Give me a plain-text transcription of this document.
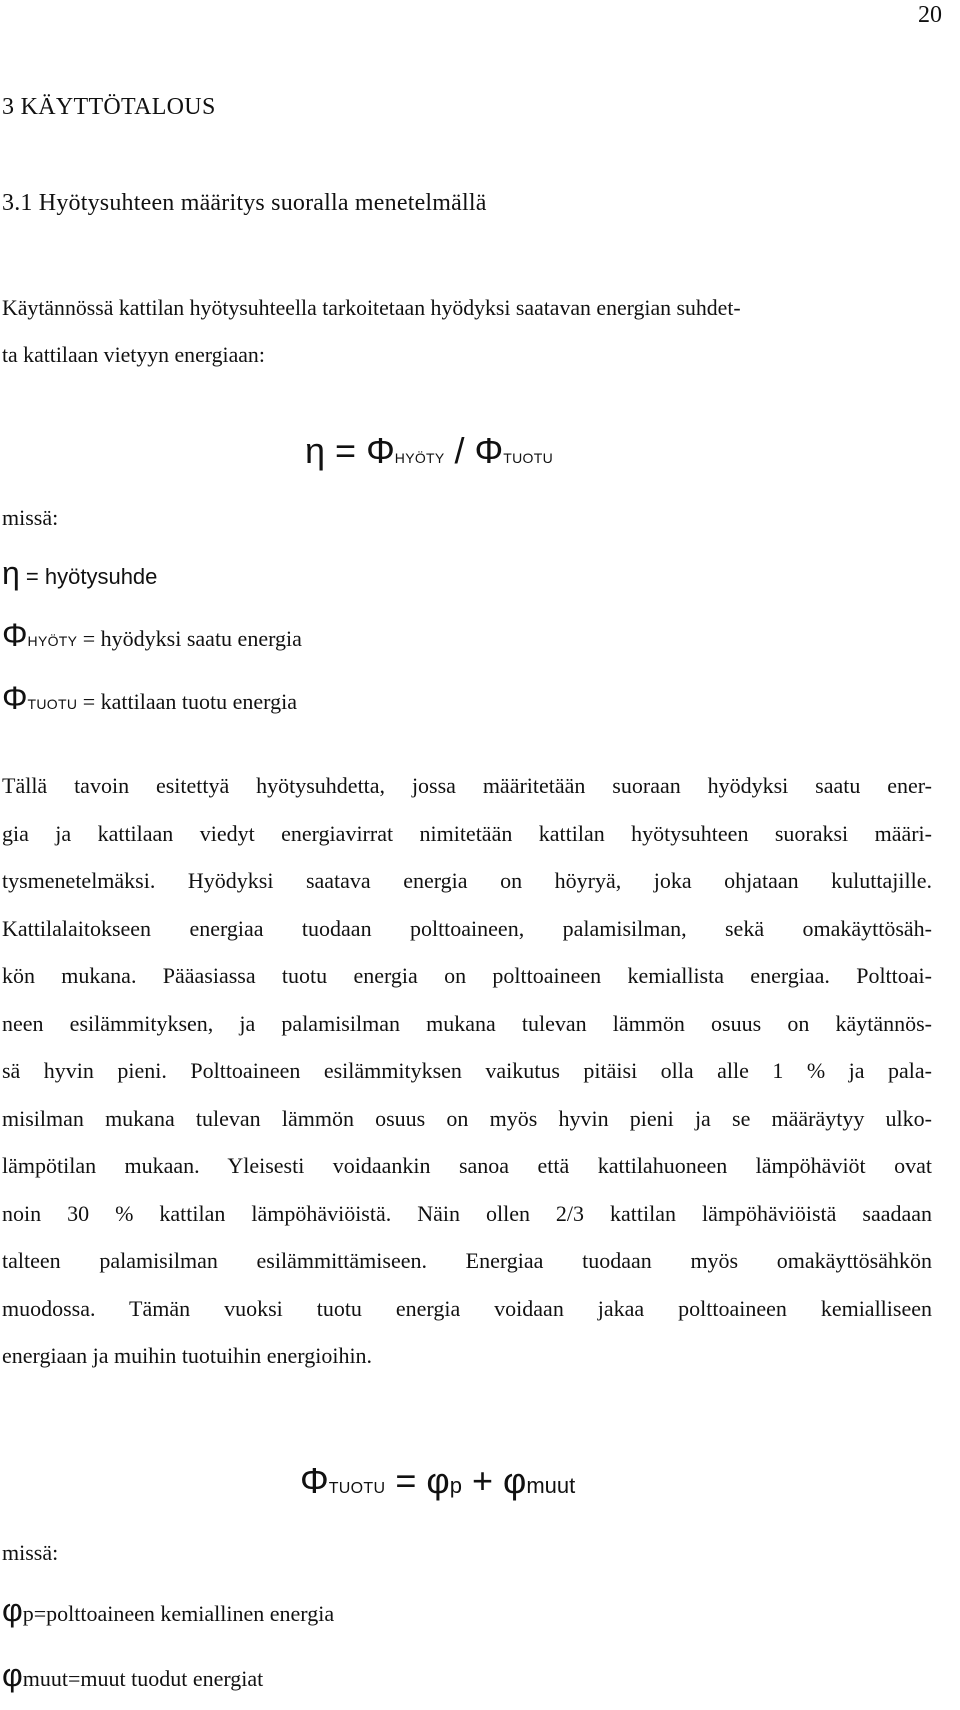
20
3 KÄYTTÖTALOUS
3.1 Hyötysuhteen määritys suoralla menetelmällä
Käytännössä kattilan hyötysuhteella tarkoitetaan hyödyksi saatavan energian suhdet-
ta kattilaan vietyyn energiaan:
η = ΦHYÖTY / ΦTUOTU
missä:
η = hyötysuhde
ΦHYÖTY = hyödyksi saatu energia
ΦTUOTU = kattilaan tuotu energia
Tällä tavoin esitettyä hyötysuhdetta, jossa määritetään suoraan hyödyksi saatu ener-
gia ja kattilaan viedyt energiavirrat nimitetään kattilan hyötysuhteen suoraksi määri-
tysmenetelmäksi. Hyödyksi saatava energia on höyryä, joka ohjataan kuluttajille.
Kattilalaitokseen energiaa tuodaan polttoaineen, palamisilman, sekä omakäyttösäh-
kön mukana. Pääasiassa tuotu energia on polttoaineen kemiallista energiaa. Polttoai-
neen esilämmityksen, ja palamisilman mukana tulevan lämmön osuus on käytännös-
sä hyvin pieni. Polttoaineen esilämmityksen vaikutus pitäisi olla alle 1 % ja pala-
misilman mukana tulevan lämmön osuus on myös hyvin pieni ja se määräytyy ulko-
lämpötilan mukaan. Yleisesti voidaankin sanoa että kattilahuoneen lämpöhäviöt ovat
noin 30 % kattilan lämpöhäviöistä. Näin ollen 2/3 kattilan lämpöhäviöistä saadaan
talteen palamisilman esilämmittämiseen. Energiaa tuodaan myös omakäyttösähkön
muodossa. Tämän vuoksi tuotu energia voidaan jakaa polttoaineen kemialliseen
energiaan ja muihin tuotuihin energioihin.
ΦTUOTU = φp + φmuut
missä:
φp=polttoaineen kemiallinen energia
φmuut=muut tuodut energiat
